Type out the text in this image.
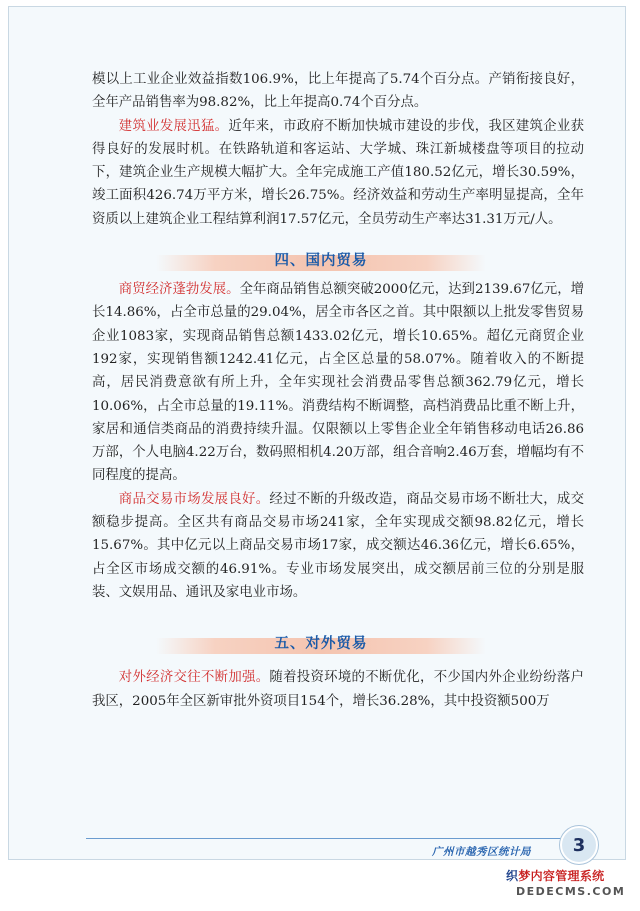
模以上工业企业效益指数106.9%，比上年提高了5.74个百分点。产销衔接良好，全年产品销售率为98.82%，比上年提高0.74个百分点。

建筑业发展迅猛。近年来，市政府不断加快城市建设的步伐，我区建筑企业获得良好的发展时机。在铁路轨道和客运站、大学城、珠江新城楼盘等项目的拉动下，建筑企业生产规模大幅扩大。全年完成施工产值180.52亿元，增长30.59%，竣工面积426.74万平方米，增长26.75%。经济效益和劳动生产率明显提高，全年资质以上建筑企业工程结算利润17.57亿元，全员劳动生产率达31.31万元/人。

四、国内贸易

商贸经济蓬勃发展。全年商品销售总额突破2000亿元，达到2139.67亿元，增长14.86%，占全市总量的29.04%，居全市各区之首。其中限额以上批发零售贸易企业1083家，实现商品销售总额1433.02亿元，增长10.65%。超亿元商贸企业192家，实现销售额1242.41亿元，占全区总量的58.07%。随着收入的不断提高，居民消费意欲有所上升，全年实现社会消费品零售总额362.79亿元，增长10.06%，占全市总量的19.11%。消费结构不断调整，高档消费品比重不断上升，家居和通信类商品的消费持续升温。仅限额以上零售企业全年销售移动电话26.86万部，个人电脑4.22万台，数码照相机4.20万部，组合音响2.46万套，增幅均有不同程度的提高。

商品交易市场发展良好。经过不断的升级改造，商品交易市场不断壮大，成交额稳步提高。全区共有商品交易市场241家，全年实现成交额98.82亿元，增长15.67%。其中亿元以上商品交易市场17家，成交额达46.36亿元，增长6.65%，占全区市场成交额的46.91%。专业市场发展突出，成交额居前三位的分别是服装、文娱用品、通讯及家电业市场。

五、对外贸易

对外经济交往不断加强。随着投资环境的不断优化，不少国内外企业纷纷落户我区，2005年全区新审批外资项目154个，增长36.28%，其中投资额500万

广州市越秀区统计局 3
织梦内容管理系统
DEDECMS.COM
